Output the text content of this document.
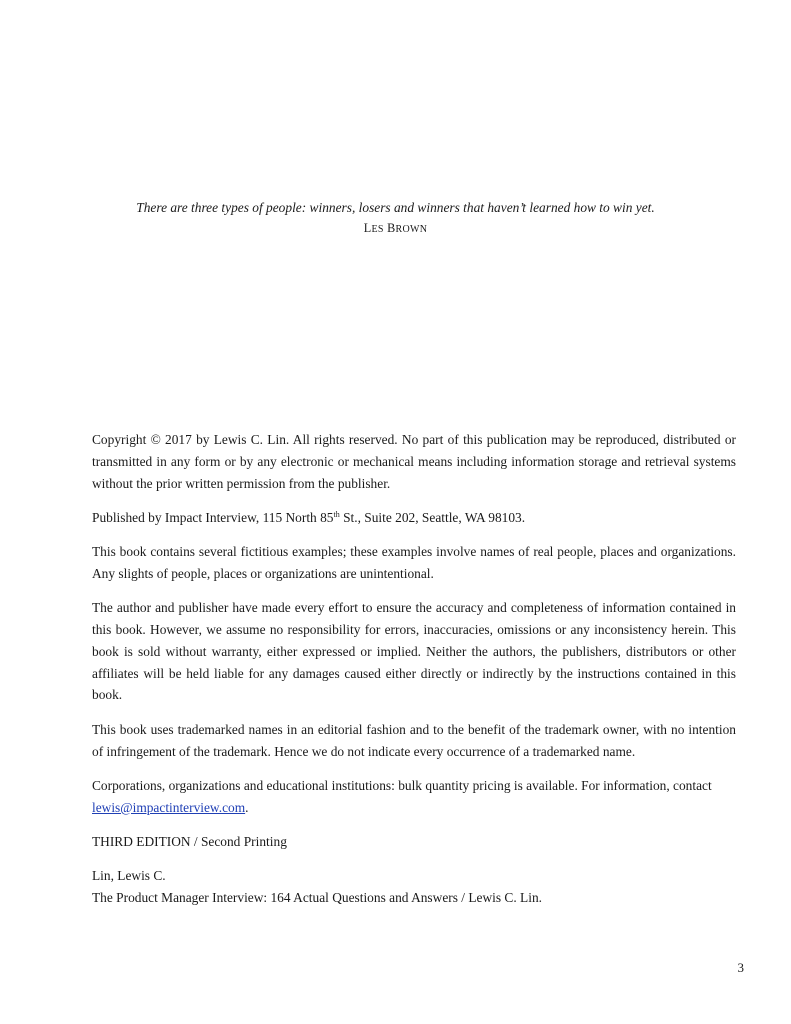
There are three types of people: winners, losers and winners that haven’t learned how to win yet.
LES BROWN

Copyright © 2017 by Lewis C. Lin. All rights reserved. No part of this publication may be reproduced, distributed or transmitted in any form or by any electronic or mechanical means including information storage and retrieval systems without the prior written permission from the publisher.

Published by Impact Interview, 115 North 85th St., Suite 202, Seattle, WA 98103.

This book contains several fictitious examples; these examples involve names of real people, places and organizations. Any slights of people, places or organizations are unintentional.

The author and publisher have made every effort to ensure the accuracy and completeness of information contained in this book. However, we assume no responsibility for errors, inaccuracies, omissions or any inconsistency herein. This book is sold without warranty, either expressed or implied. Neither the authors, the publishers, distributors or other affiliates will be held liable for any damages caused either directly or indirectly by the instructions contained in this book.

This book uses trademarked names in an editorial fashion and to the benefit of the trademark owner, with no intention of infringement of the trademark. Hence we do not indicate every occurrence of a trademarked name.

Corporations, organizations and educational institutions: bulk quantity pricing is available. For information, contact lewis@impactinterview.com.

THIRD EDITION / Second Printing

Lin, Lewis C.

The Product Manager Interview: 164 Actual Questions and Answers / Lewis C. Lin.

3
